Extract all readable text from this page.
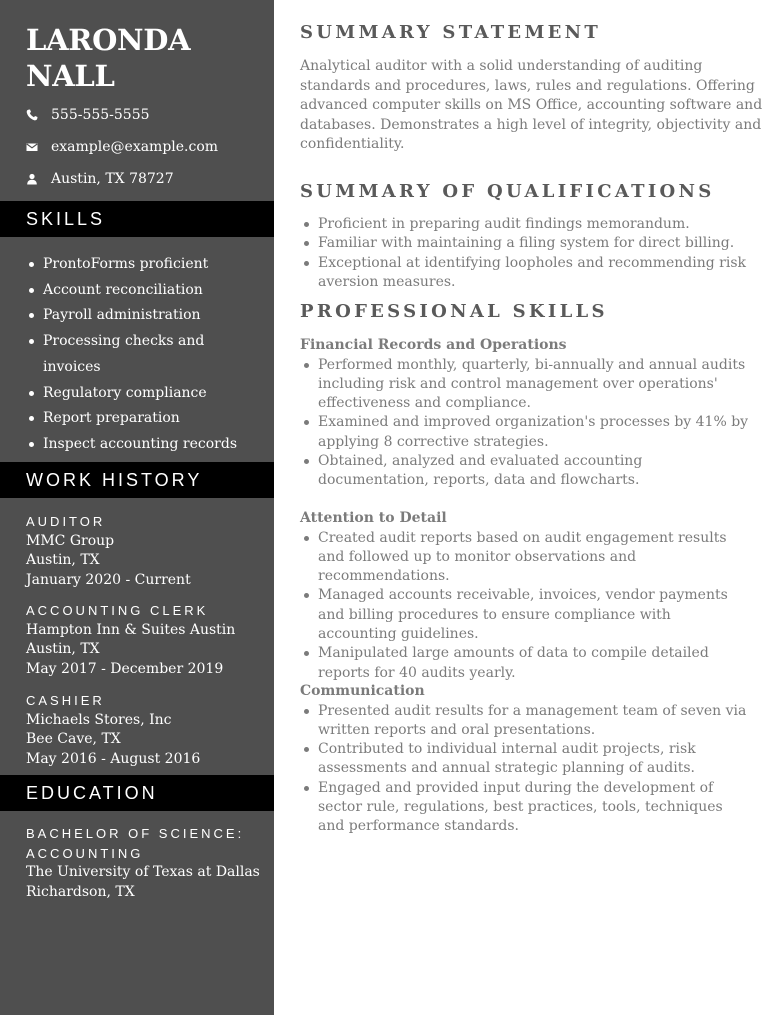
LARONDA
NALL
555-555-5555
example@example.com
Austin, TX 78727
SKILLS
ProntoForms proficient
Account reconciliation
Payroll administration
Processing checks and invoices
Regulatory compliance
Report preparation
Inspect accounting records
WORK HISTORY
AUDITOR
MMC Group
Austin, TX
January 2020 - Current
ACCOUNTING CLERK
Hampton Inn & Suites Austin
Austin, TX
May 2017 - December 2019
CASHIER
Michaels Stores, Inc
Bee Cave, TX
May 2016 - August 2016
EDUCATION
BACHELOR OF SCIENCE: ACCOUNTING
The University of Texas at Dallas
Richardson, TX
SUMMARY STATEMENT

Analytical auditor with a solid understanding of auditing standards and procedures, laws, rules and regulations. Offering advanced computer skills on MS Office, accounting software and databases. Demonstrates a high level of integrity, objectivity and confidentiality.

SUMMARY OF QUALIFICATIONS
Proficient in preparing audit findings memorandum.
Familiar with maintaining a filing system for direct billing.
Exceptional at identifying loopholes and recommending risk aversion measures.
PROFESSIONAL SKILLS
Financial Records and Operations
Performed monthly, quarterly, bi-annually and annual audits including risk and control management over operations' effectiveness and compliance.
Examined and improved organization's processes by 41% by applying 8 corrective strategies.
Obtained, analyzed and evaluated accounting documentation, reports, data and flowcharts.
Attention to Detail
Created audit reports based on audit engagement results and followed up to monitor observations and recommendations.
Managed accounts receivable, invoices, vendor payments and billing procedures to ensure compliance with accounting guidelines.
Manipulated large amounts of data to compile detailed reports for 40 audits yearly.
Communication
Presented audit results for a management team of seven via written reports and oral presentations.
Contributed to individual internal audit projects, risk assessments and annual strategic planning of audits.
Engaged and provided input during the development of sector rule, regulations, best practices, tools, techniques and performance standards.
